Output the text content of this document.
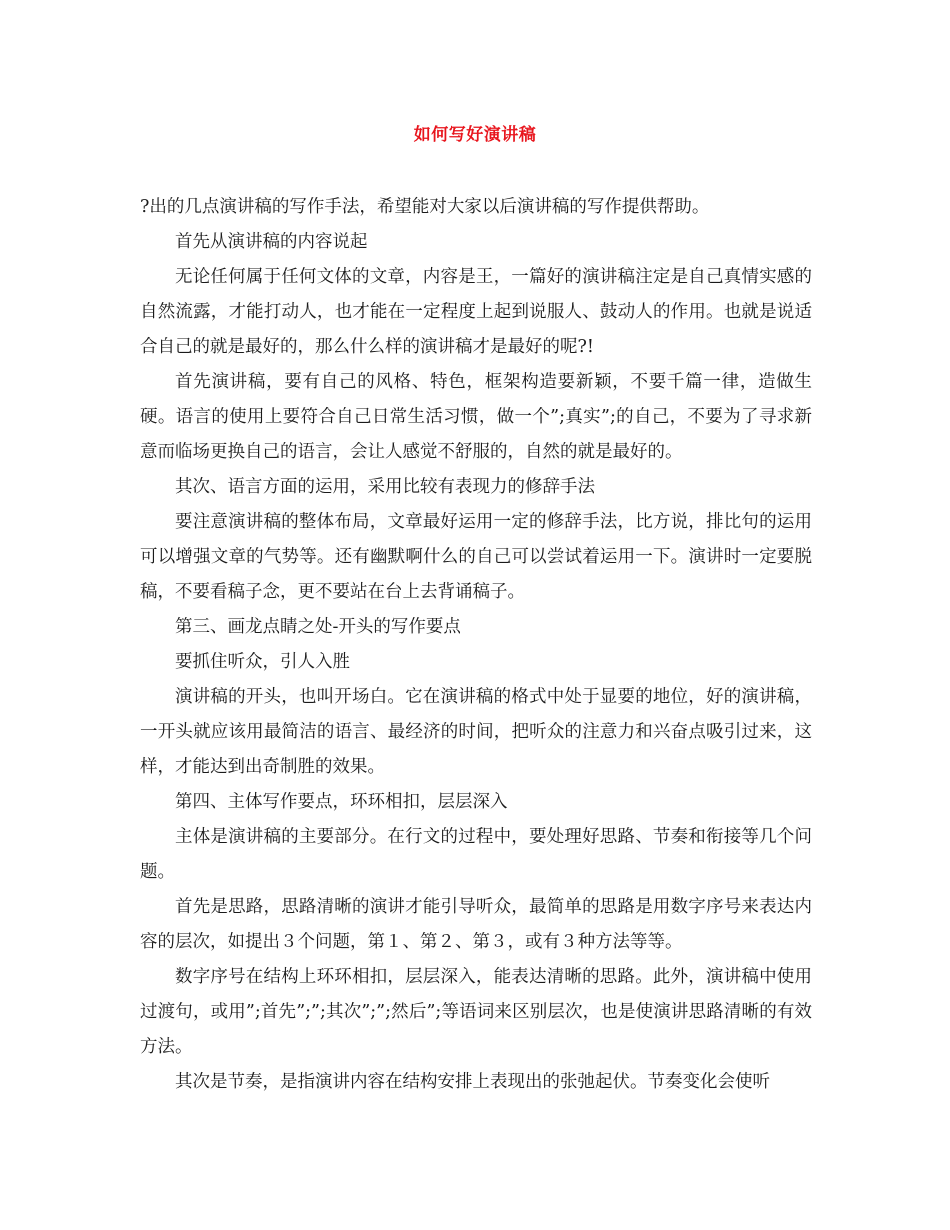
如何写好演讲稿

?出的几点演讲稿的写作手法，希望能对大家以后演讲稿的写作提供帮助。

首先从演讲稿的内容说起

无论任何属于任何文体的文章，内容是王，一篇好的演讲稿注定是自己真情实感的自然流露，才能打动人，也才能在一定程度上起到说服人、鼓动人的作用。也就是说适合自己的就是最好的，那么什么样的演讲稿才是最好的呢?!

首先演讲稿，要有自己的风格、特色，框架构造要新颖，不要千篇一律，造做生硬。语言的使用上要符合自己日常生活习惯，做一个”;真实”;的自己，不要为了寻求新意而临场更换自己的语言，会让人感觉不舒服的，自然的就是最好的。

其次、语言方面的运用，采用比较有表现力的修辞手法

要注意演讲稿的整体布局，文章最好运用一定的修辞手法，比方说，排比句的运用可以增强文章的气势等。还有幽默啊什么的自己可以尝试着运用一下。演讲时一定要脱稿，不要看稿子念，更不要站在台上去背诵稿子。

第三、画龙点睛之处-开头的写作要点

要抓住听众，引人入胜

演讲稿的开头，也叫开场白。它在演讲稿的格式中处于显要的地位，好的演讲稿，一开头就应该用最简洁的语言、最经济的时间，把听众的注意力和兴奋点吸引过来，这样，才能达到出奇制胜的效果。

第四、主体写作要点，环环相扣，层层深入

主体是演讲稿的主要部分。在行文的过程中，要处理好思路、节奏和衔接等几个问题。

首先是思路，思路清晰的演讲才能引导听众，最简单的思路是用数字序号来表达内容的层次，如提出３个问题，第１、第２、第３，或有３种方法等等。

数字序号在结构上环环相扣，层层深入，能表达清晰的思路。此外，演讲稿中使用过渡句，或用”;首先”;”;其次”;”;然后”;等语词来区别层次，也是使演讲思路清晰的有效方法。

其次是节奏，是指演讲内容在结构安排上表现出的张弛起伏。节奏变化会使听
